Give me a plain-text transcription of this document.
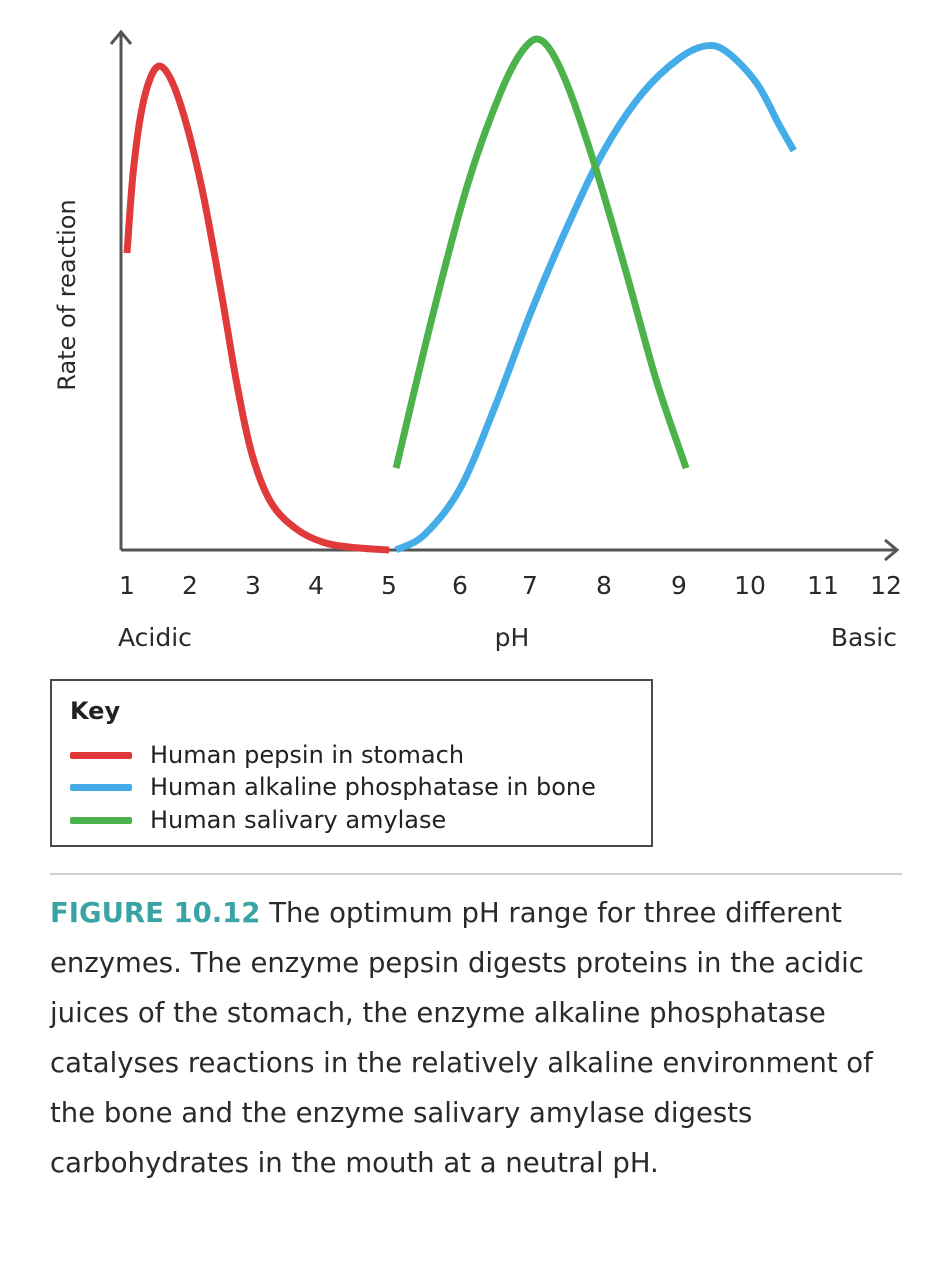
1 2 3 4 5 6 7 8 9 10 11 12
Rate of reaction
Acidic	pH	Basic
Key
Human pepsin in stomach
Human alkaline phosphatase in bone
Human salivary amylase
FIGURE 10.12 The optimum pH range for three different enzymes. The enzyme pepsin digests proteins in the acidic juices of the stomach, the enzyme alkaline phosphatase catalyses reactions in the relatively alkaline environment of the bone and the enzyme salivary amylase digests carbohydrates in the mouth at a neutral pH.
